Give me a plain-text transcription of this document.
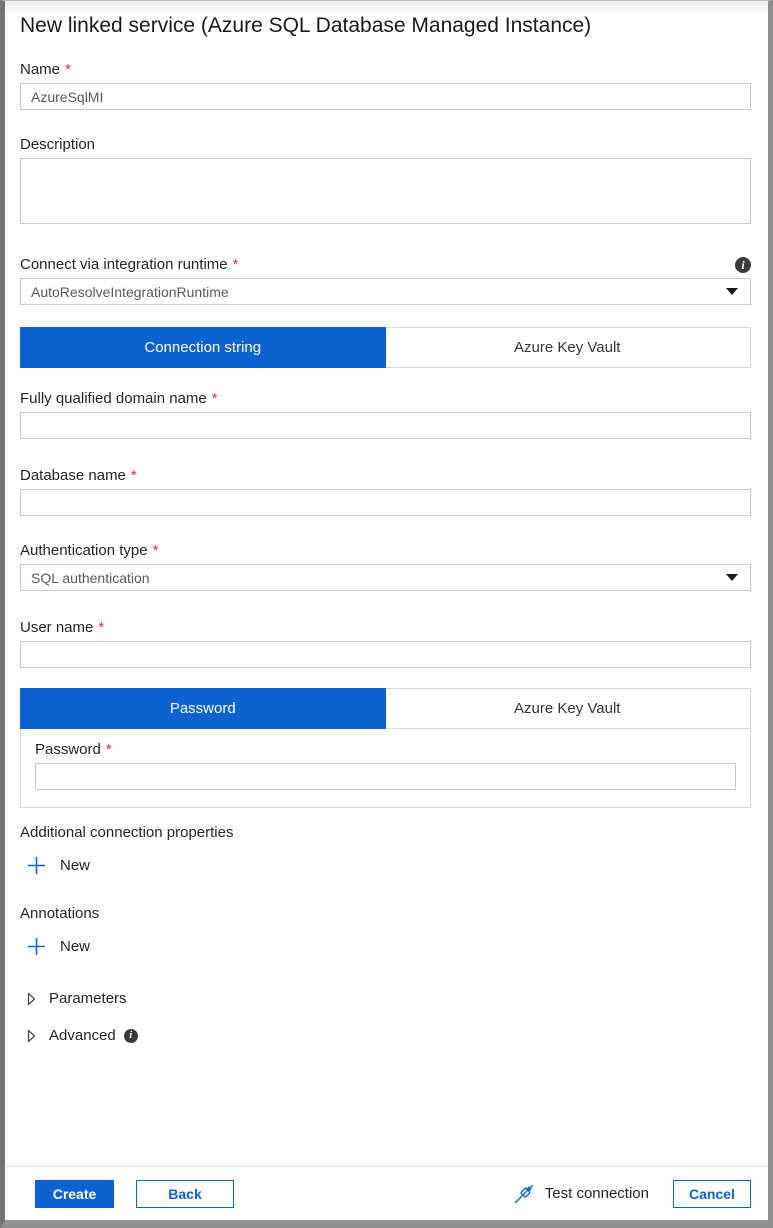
New linked service (Azure SQL Database Managed Instance)
Name *
AzureSqlMI
Description
Connect via integration runtime *	i
AutoResolveIntegrationRuntime
Connection string	Azure Key Vault
Fully qualified domain name *
Database name *
Authentication type *
SQL authentication
User name *
Password	Azure Key Vault
Password *
Additional connection properties
New
Annotations
New
Parameters
Advanced	i
Create	Back	Test connection	Cancel
